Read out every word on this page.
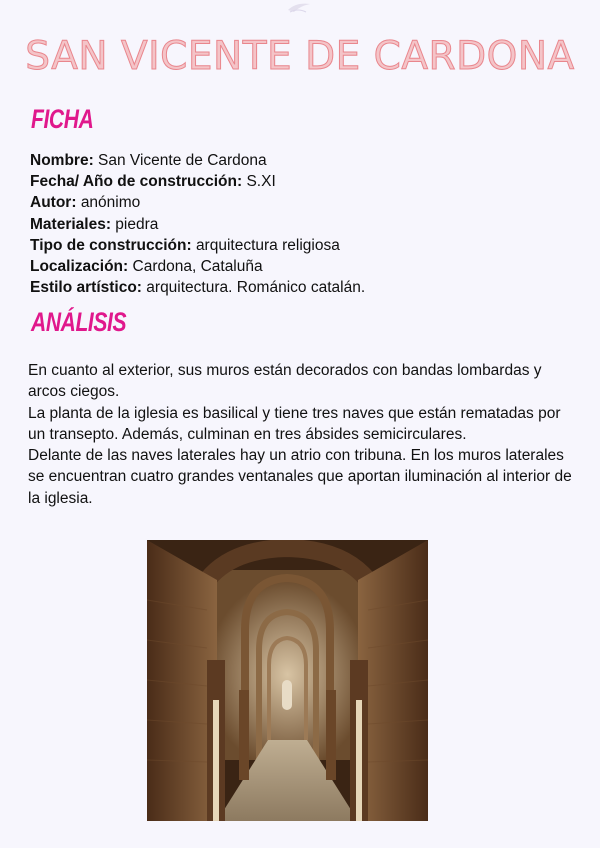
SAN VICENTE DE CARDONA
FICHA
Nombre: San Vicente de Cardona
Fecha/ Año de construcción: S.XI
Autor: anónimo
Materiales: piedra
Tipo de construcción: arquitectura religiosa
Localización: Cardona, Cataluña
Estilo artístico: arquitectura. Románico catalán.
ANÁLISIS

En cuanto al exterior, sus muros están decorados con bandas lombardas y arcos ciegos.

La planta de la iglesia es basilical y tiene tres naves que están rematadas por un transepto. Además, culminan en tres ábsides semicirculares.

Delante de las naves laterales hay un atrio con tribuna. En los muros laterales se encuentran cuatro grandes ventanales que aportan iluminación al interior de la iglesia.
